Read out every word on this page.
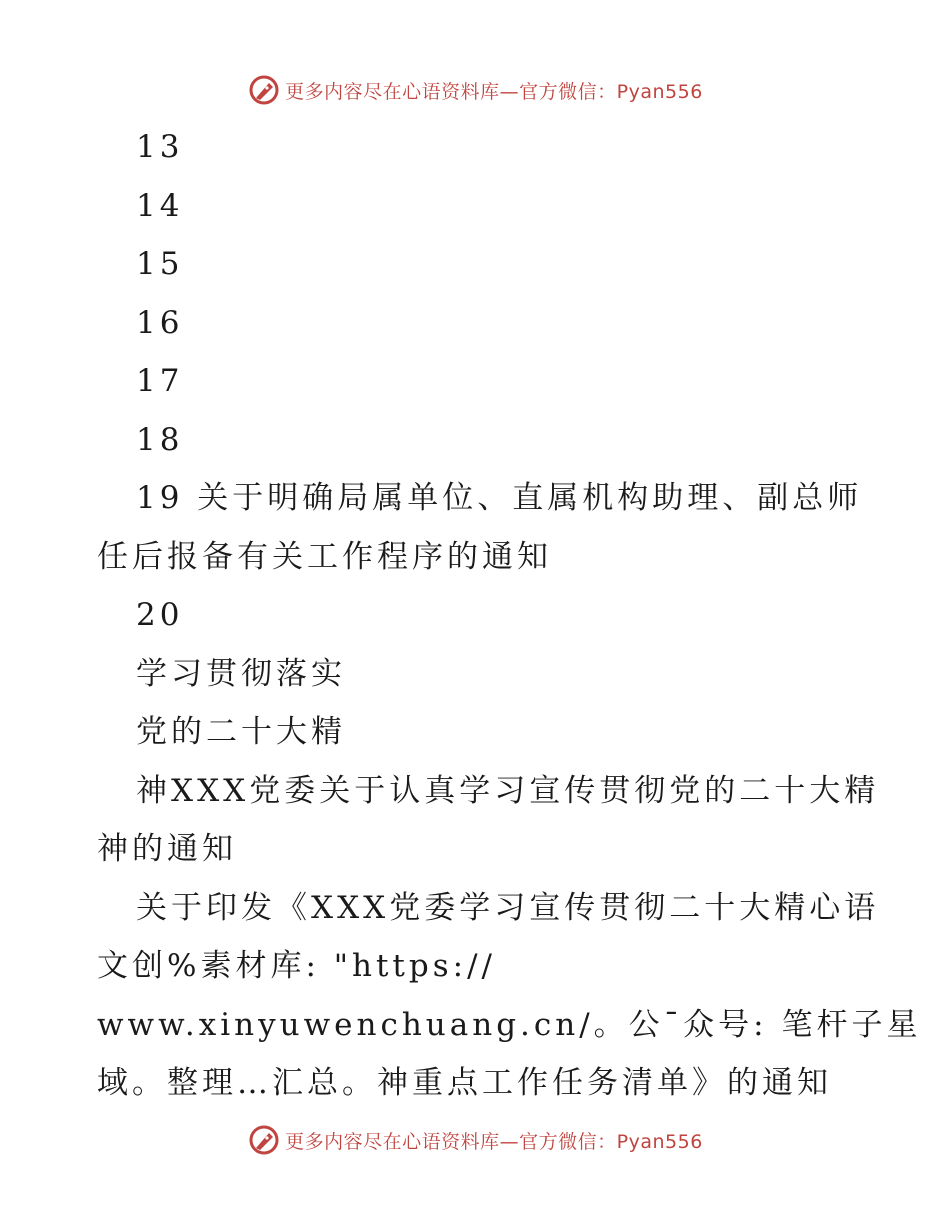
更多内容尽在心语资料库—官方微信：Pyan556
13
14
15
16
17
18
19 关于明确局属单位、直属机构助理、副总师
任后报备有关工作程序的通知
20
学习贯彻落实
党的二十大精
神XXX党委关于认真学习宣传贯彻党的二十大精
神的通知
关于印发《XXX党委学习宣传贯彻二十大精心语
文创%素材库: "https://
www.xinyuwenchuang.cn/。公¯众号: 笔杆子星
域。整理…汇总。神重点工作任务清单》的通知
更多内容尽在心语资料库—官方微信：Pyan556
